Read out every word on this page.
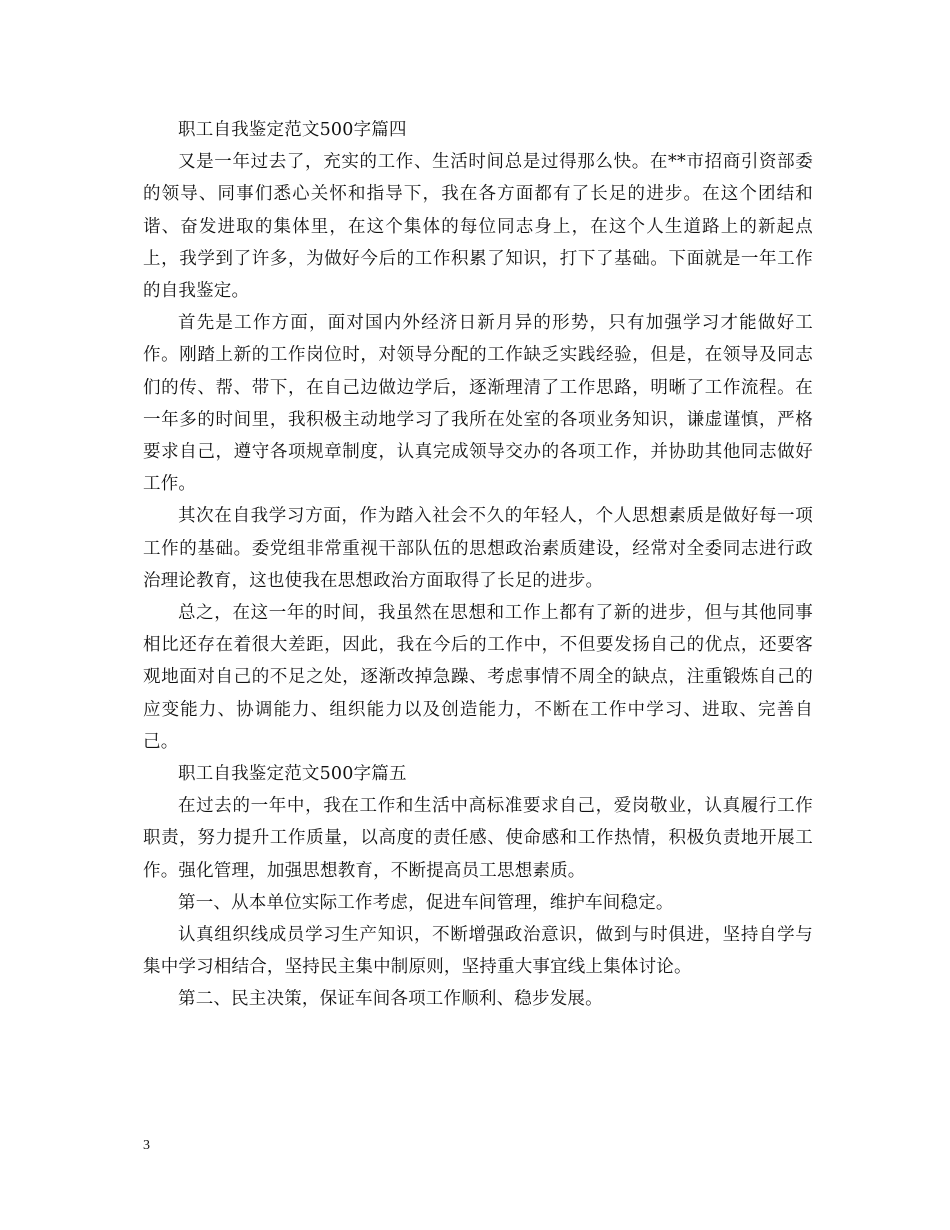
职工自我鉴定范文500字篇四

又是一年过去了，充实的工作、生活时间总是过得那么快。在**市招商引资部委的领导、同事们悉心关怀和指导下，我在各方面都有了长足的进步。在这个团结和谐、奋发进取的集体里，在这个集体的每位同志身上，在这个人生道路上的新起点上，我学到了许多，为做好今后的工作积累了知识，打下了基础。下面就是一年工作的自我鉴定。

首先是工作方面，面对国内外经济日新月异的形势，只有加强学习才能做好工作。刚踏上新的工作岗位时，对领导分配的工作缺乏实践经验，但是，在领导及同志们的传、帮、带下，在自己边做边学后，逐渐理清了工作思路，明晰了工作流程。在一年多的时间里，我积极主动地学习了我所在处室的各项业务知识，谦虚谨慎，严格要求自己，遵守各项规章制度，认真完成领导交办的各项工作，并协助其他同志做好工作。

其次在自我学习方面，作为踏入社会不久的年轻人，个人思想素质是做好每一项工作的基础。委党组非常重视干部队伍的思想政治素质建设，经常对全委同志进行政治理论教育，这也使我在思想政治方面取得了长足的进步。

总之，在这一年的时间，我虽然在思想和工作上都有了新的进步，但与其他同事相比还存在着很大差距，因此，我在今后的工作中，不但要发扬自己的优点，还要客观地面对自己的不足之处，逐渐改掉急躁、考虑事情不周全的缺点，注重锻炼自己的应变能力、协调能力、组织能力以及创造能力，不断在工作中学习、进取、完善自己。

职工自我鉴定范文500字篇五

在过去的一年中，我在工作和生活中高标准要求自己，爱岗敬业，认真履行工作职责，努力提升工作质量，以高度的责任感、使命感和工作热情，积极负责地开展工作。强化管理，加强思想教育，不断提高员工思想素质。

第一、从本单位实际工作考虑，促进车间管理，维护车间稳定。

认真组织线成员学习生产知识，不断增强政治意识，做到与时俱进，坚持自学与集中学习相结合，坚持民主集中制原则，坚持重大事宜线上集体讨论。

第二、民主决策，保证车间各项工作顺利、稳步发展。

3
